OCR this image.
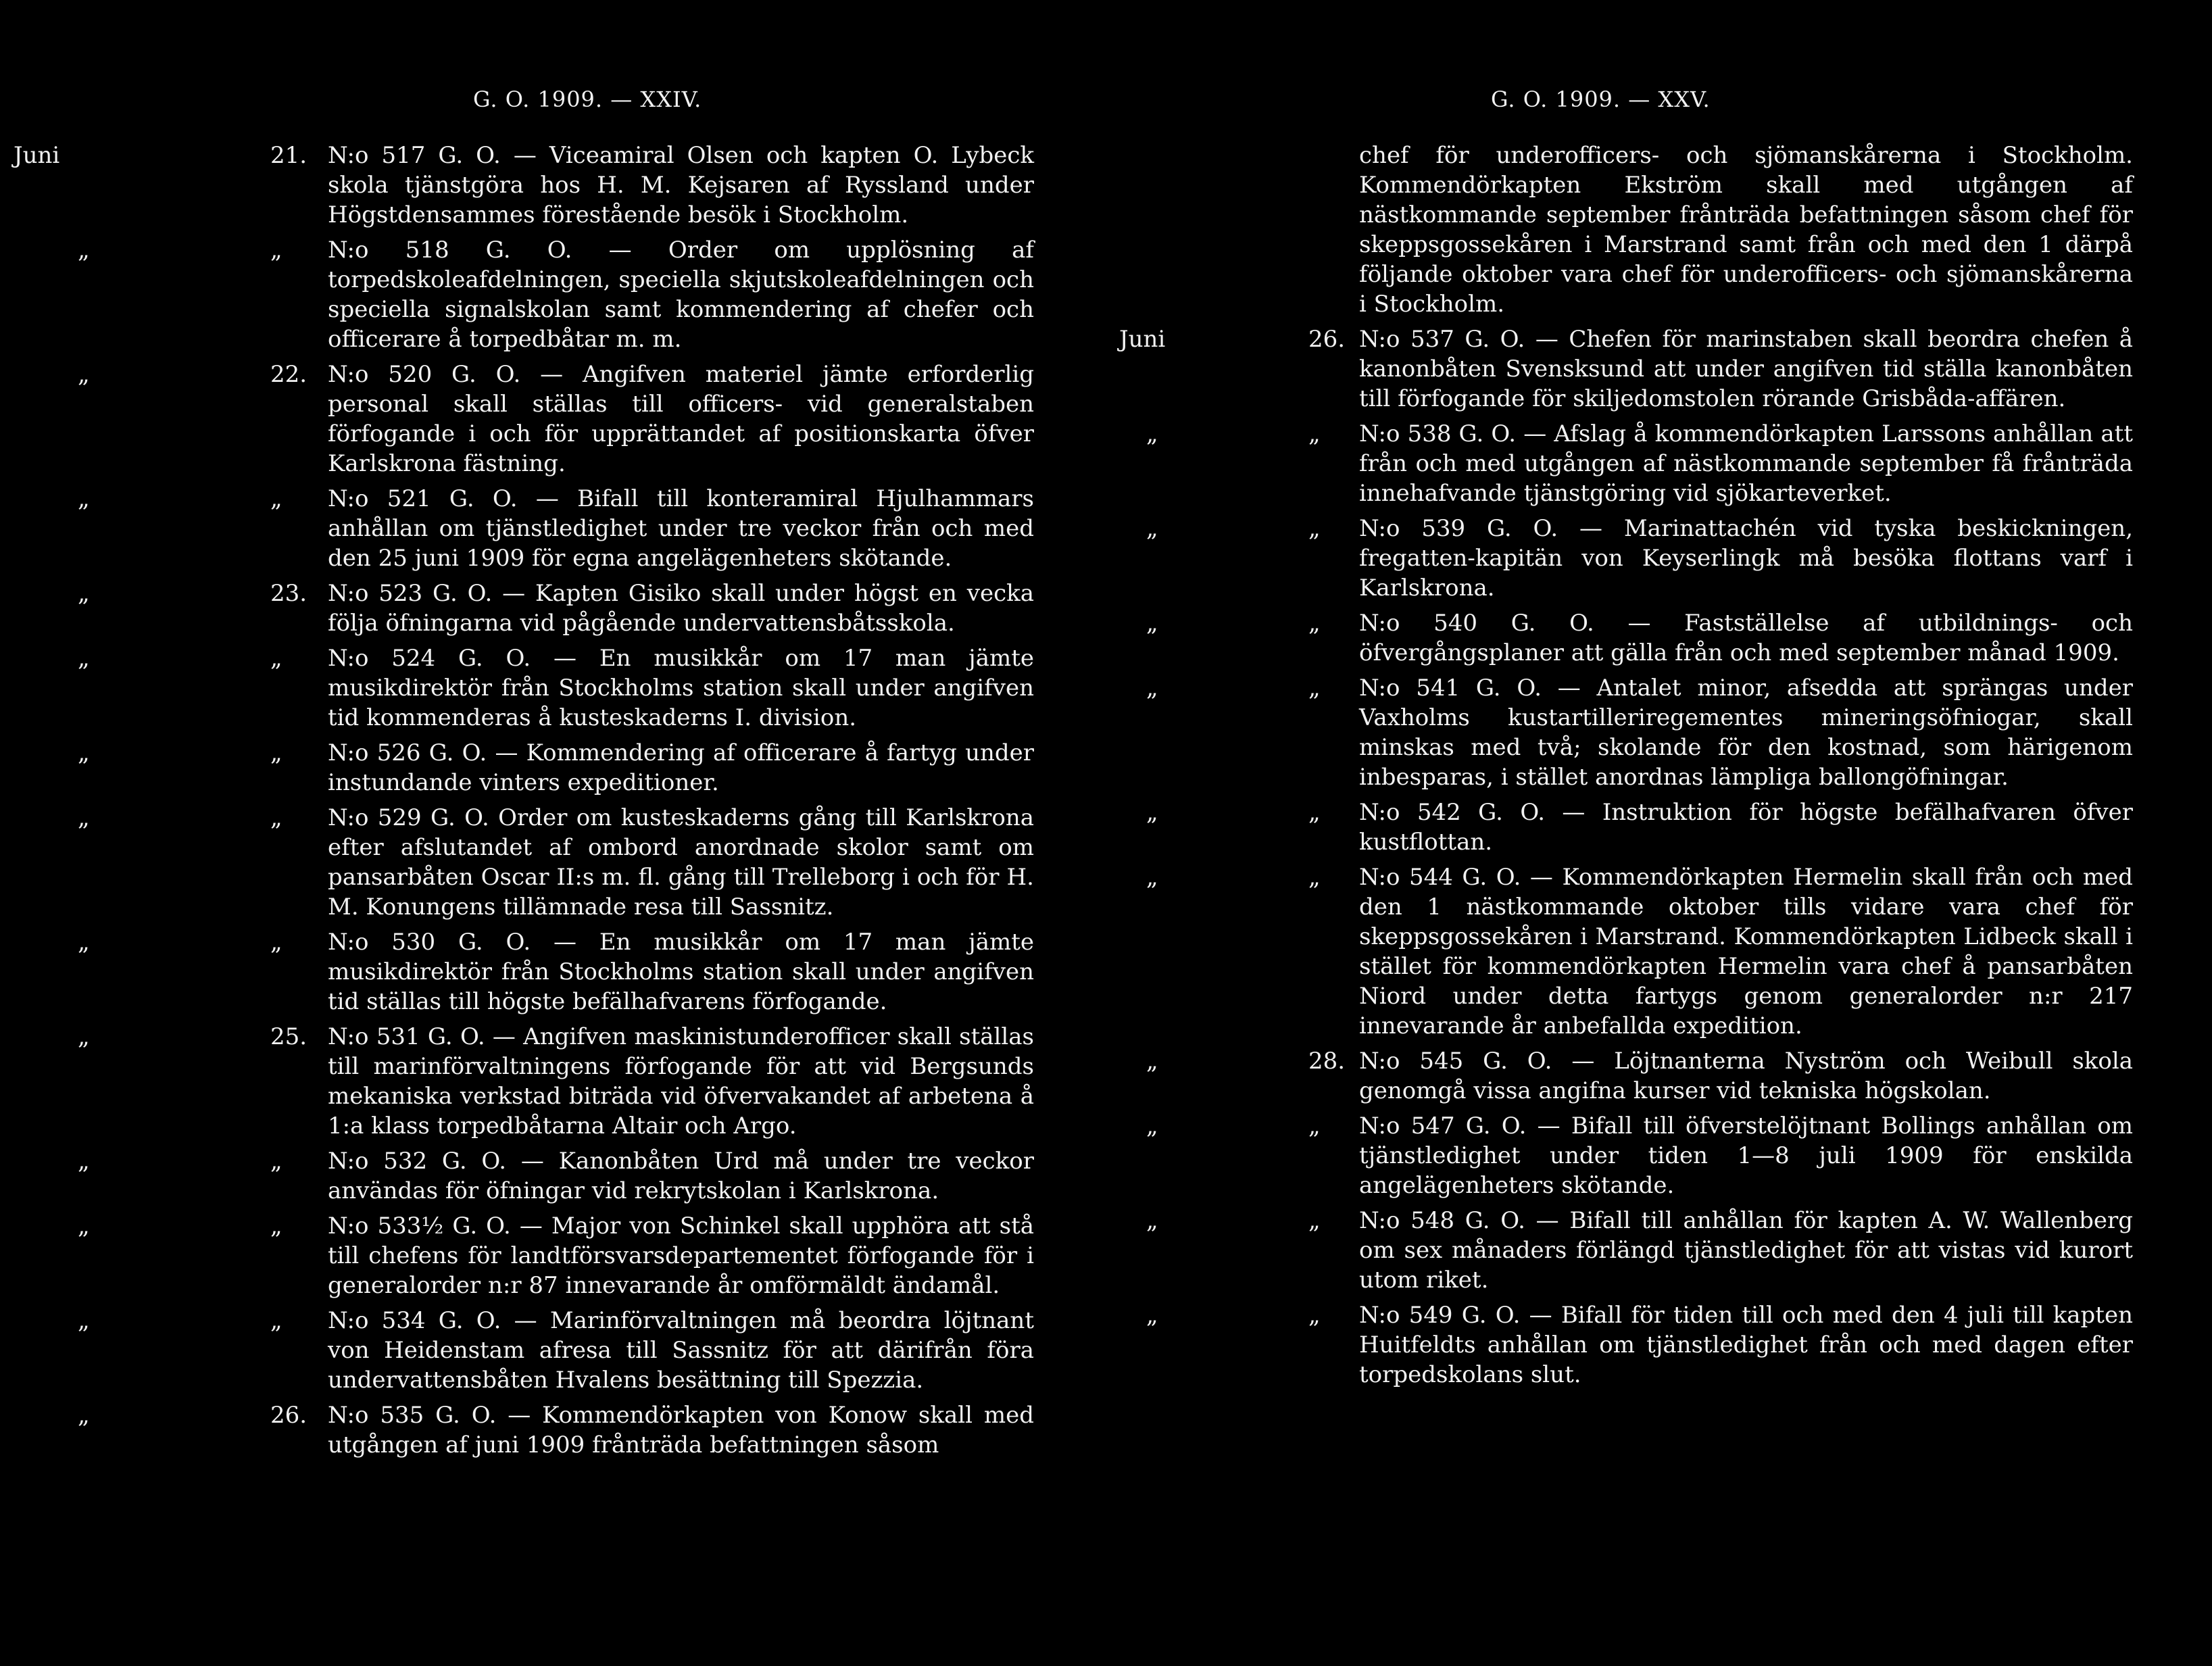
G. O. 1909. — XXIV.
Juni	21. N:o 517 G. O. — Viceamiral Olsen och kapten O. Lybeck skola tjänstgöra hos H. M. Kejsaren af Ryssland under Högstdensammes förestående besök i Stockholm.

„	„	N:o 518 G. O. — Order om upplösning af torpedskoleafdelningen, speciella skjutskoleafdelningen och speciella signalskolan samt kommendering af chefer och officerare å torpedbåtar m. m.

„	22. N:o 520 G. O. — Angifven materiel jämte erforderlig personal skall ställas till officers- vid generalstaben förfogande i och för upprättandet af positionskarta öfver Karlskrona fästning.

„	„	N:o 521 G. O. — Bifall till konteramiral Hjulhammars anhållan om tjänstledighet under tre veckor från och med den 25 juni 1909 för egna angelägenheters skötande.

„	23. N:o 523 G. O. — Kapten Gisiko skall under högst en vecka följa öfningarna vid pågående undervattensbåtsskola.

„	„	N:o 524 G. O. — En musikkår om 17 man jämte musikdirektör från Stockholms station skall under angifven tid kommenderas å kusteskaderns I. division.

„	„	N:o 526 G. O. — Kommendering af officerare å fartyg under instundande vinters expeditioner.

„	„	N:o 529 G. O. Order om kusteskaderns gång till Karlskrona efter afslutandet af ombord anordnade skolor samt om pansarbåten Oscar II:s m. fl. gång till Trelleborg i och för H. M. Konungens tillämnade resa till Sassnitz.

„	„	N:o 530 G. O. — En musikkår om 17 man jämte musikdirektör från Stockholms station skall under angifven tid ställas till högste befälhafvarens förfogande.

„	25. N:o 531 G. O. — Angifven maskinistunderofficer skall ställas till marinförvaltningens förfogande för att vid Bergsunds mekaniska verkstad biträda vid öfvervakandet af arbetena å 1:a klass torpedbåtarna Altair och Argo.

„	„	N:o 532 G. O. — Kanonbåten Urd må under tre veckor användas för öfningar vid rekrytskolan i Karlskrona.

„	„	N:o 533½ G. O. — Major von Schinkel skall upphöra att stå till chefens för landtförsvarsdepartementet förfogande för i generalorder n:r 87 innevarande år omförmäldt ändamål.

„	„	N:o 534 G. O. — Marinförvaltningen må beordra löjtnant von Heidenstam afresa till Sassnitz för att därifrån föra undervattensbåten Hvalens besättning till Spezzia.

„	26. N:o 535 G. O. — Kommendörkapten von Konow skall med utgången af juni 1909 frånträda befattningen såsom

G. O. 1909. — XXV.

chef för underofficers- och sjömanskårerna i Stockholm. Kommendörkapten Ekström skall med utgången af nästkommande september frånträda befattningen såsom chef för skeppsgossekåren i Marstrand samt från och med den 1 därpå följande oktober vara chef för underofficers- och sjömanskårerna i Stockholm.

Juni	26. N:o 537 G. O. — Chefen för marinstaben skall beordra chefen å kanonbåten Svensksund att under angifven tid ställa kanonbåten till förfogande för skiljedomstolen rörande Grisbåda-affären.

„	„	N:o 538 G. O. — Afslag å kommendörkapten Larssons anhållan att från och med utgången af nästkommande september få frånträda innehafvande tjänstgöring vid sjökarteverket.

„	„	N:o 539 G. O. — Marinattachén vid tyska beskickningen, fregatten-kapitän von Keyserlingk må besöka flottans varf i Karlskrona.

„	„	N:o 540 G. O. — Fastställelse af utbildnings- och öfvergångsplaner att gälla från och med september månad 1909.

„	„	N:o 541 G. O. — Antalet minor, afsedda att sprängas under Vaxholms kustartilleriregementes mineringsöfniogar, skall minskas med två; skolande för den kostnad, som härigenom inbesparas, i stället anordnas lämpliga ballongöfningar.

„	„	N:o 542 G. O. — Instruktion för högste befälhafvaren öfver kustflottan.

„	„	N:o 544 G. O. — Kommendörkapten Hermelin skall från och med den 1 nästkommande oktober tills vidare vara chef för skeppsgossekåren i Marstrand. Kommendörkapten Lidbeck skall i stället för kommendörkapten Hermelin vara chef å pansarbåten Niord under detta fartygs genom generalorder n:r 217 innevarande år anbefallda expedition.

„	28. N:o 545 G. O. — Löjtnanterna Nyström och Weibull skola genomgå vissa angifna kurser vid tekniska högskolan.

„	„	N:o 547 G. O. — Bifall till öfverstelöjtnant Bollings anhållan om tjänstledighet under tiden 1—8 juli 1909 för enskilda angelägenheters skötande.

„	„	N:o 548 G. O. — Bifall till anhållan för kapten A. W. Wallenberg om sex månaders förlängd tjänstledighet för att vistas vid kurort utom riket.

„	„	N:o 549 G. O. — Bifall för tiden till och med den 4 juli till kapten Huitfeldts anhållan om tjänstledighet från och med dagen efter torpedskolans slut.
